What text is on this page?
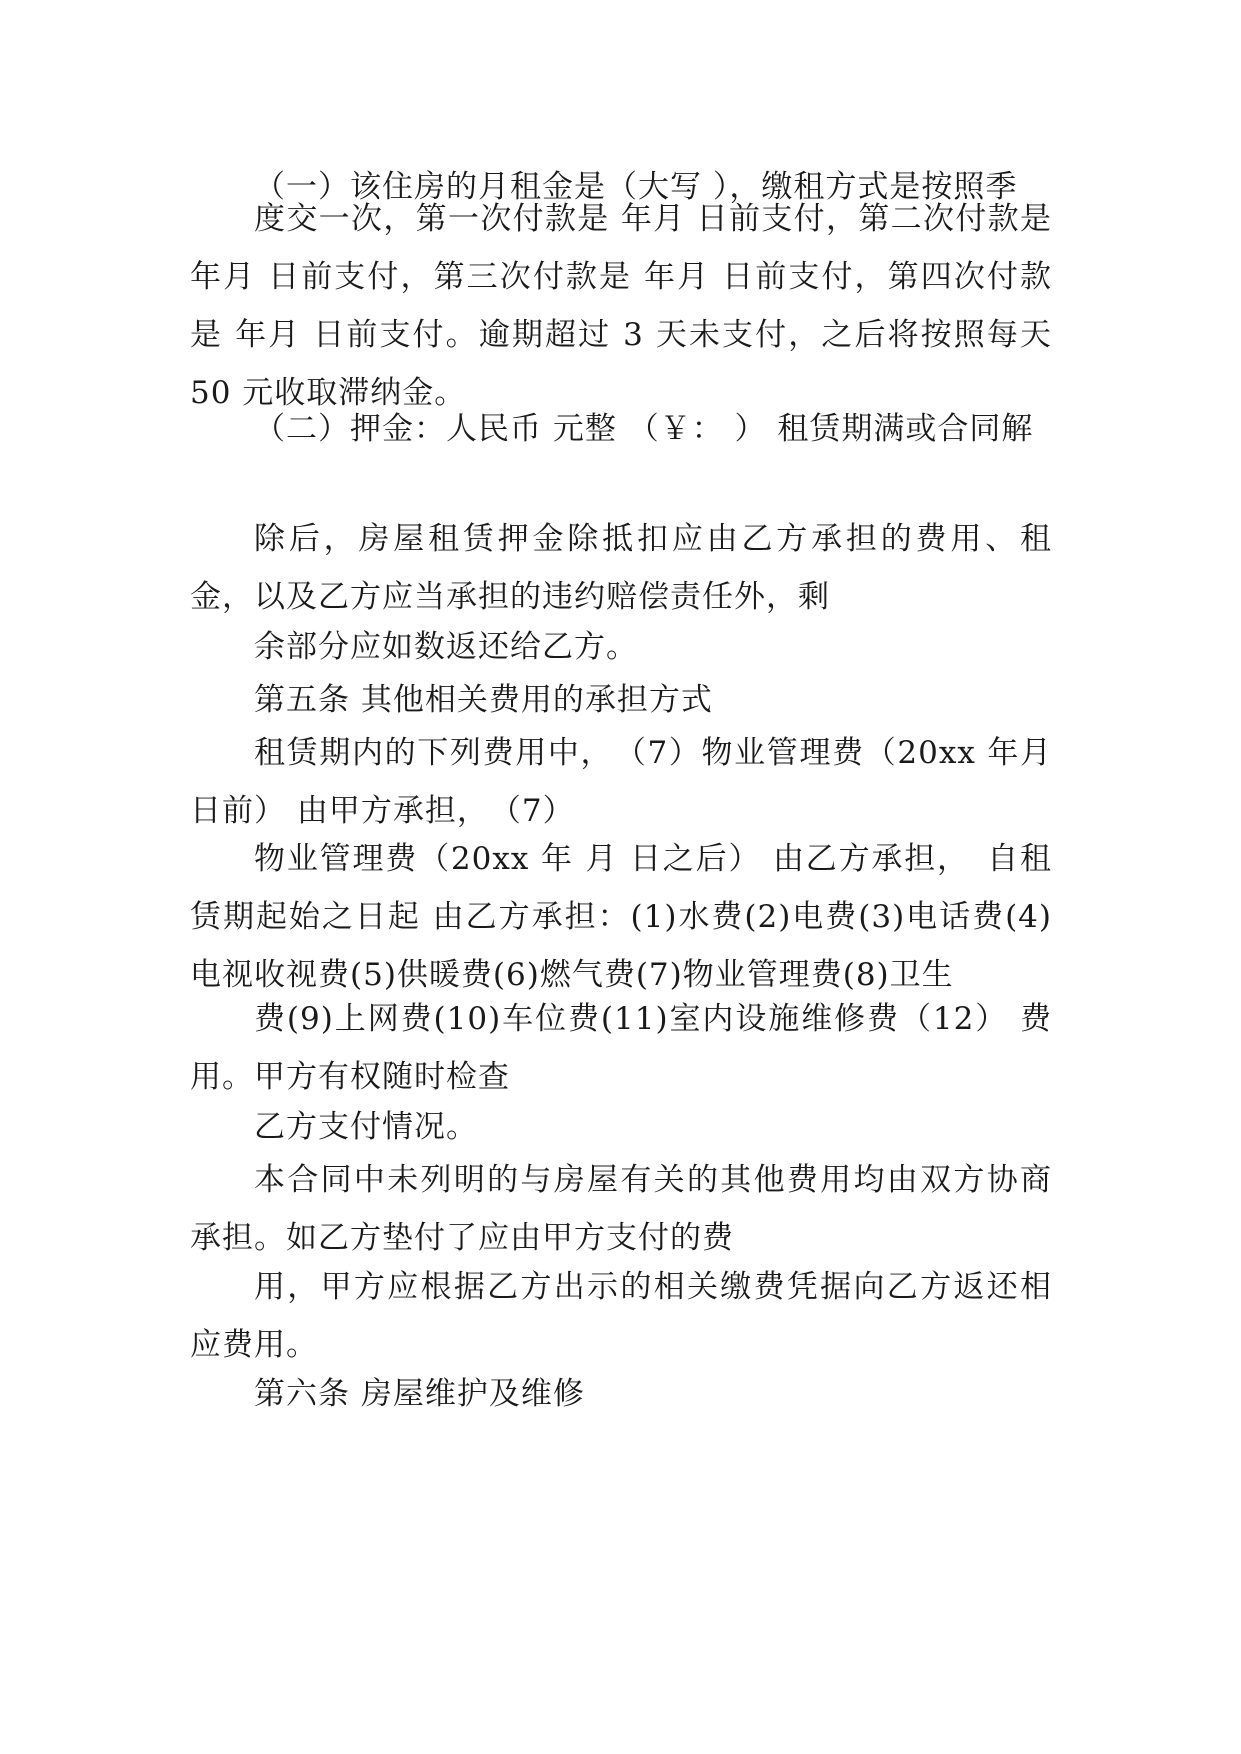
（一）该住房的月租金是（大写 ），缴租方式是按照季
度交一次，第一次付款是 年月 日前支付，第二次付款是 年月 日前支付，第三次付款是 年月 日前支付，第四次付款是 年月 日前支付。逾期超过 3 天未支付，之后将按照每天 50 元收取滞纳金。
（二）押金：人民币 元整 （￥： ） 租赁期满或合同解
除后，房屋租赁押金除抵扣应由乙方承担的费用、租金，以及乙方应当承担的违约赔偿责任外，剩
余部分应如数返还给乙方。
第五条 其他相关费用的承担方式
租赁期内的下列费用中，　（7）物业管理费（20xx 年月日前） 由甲方承担，　（7）
物业管理费（20xx 年 月 日之后） 由乙方承担，　自租赁期起始之日起 由乙方承担：(1)水费(2)电费(3)电话费(4)电视收视费(5)供暖费(6)燃气费(7)物业管理费(8)卫生
费(9)上网费(10)车位费(11)室内设施维修费（12） 费用。甲方有权随时检查
乙方支付情况。
本合同中未列明的与房屋有关的其他费用均由双方协商承担。如乙方垫付了应由甲方支付的费
用，甲方应根据乙方出示的相关缴费凭据向乙方返还相应费用。
第六条 房屋维护及维修
